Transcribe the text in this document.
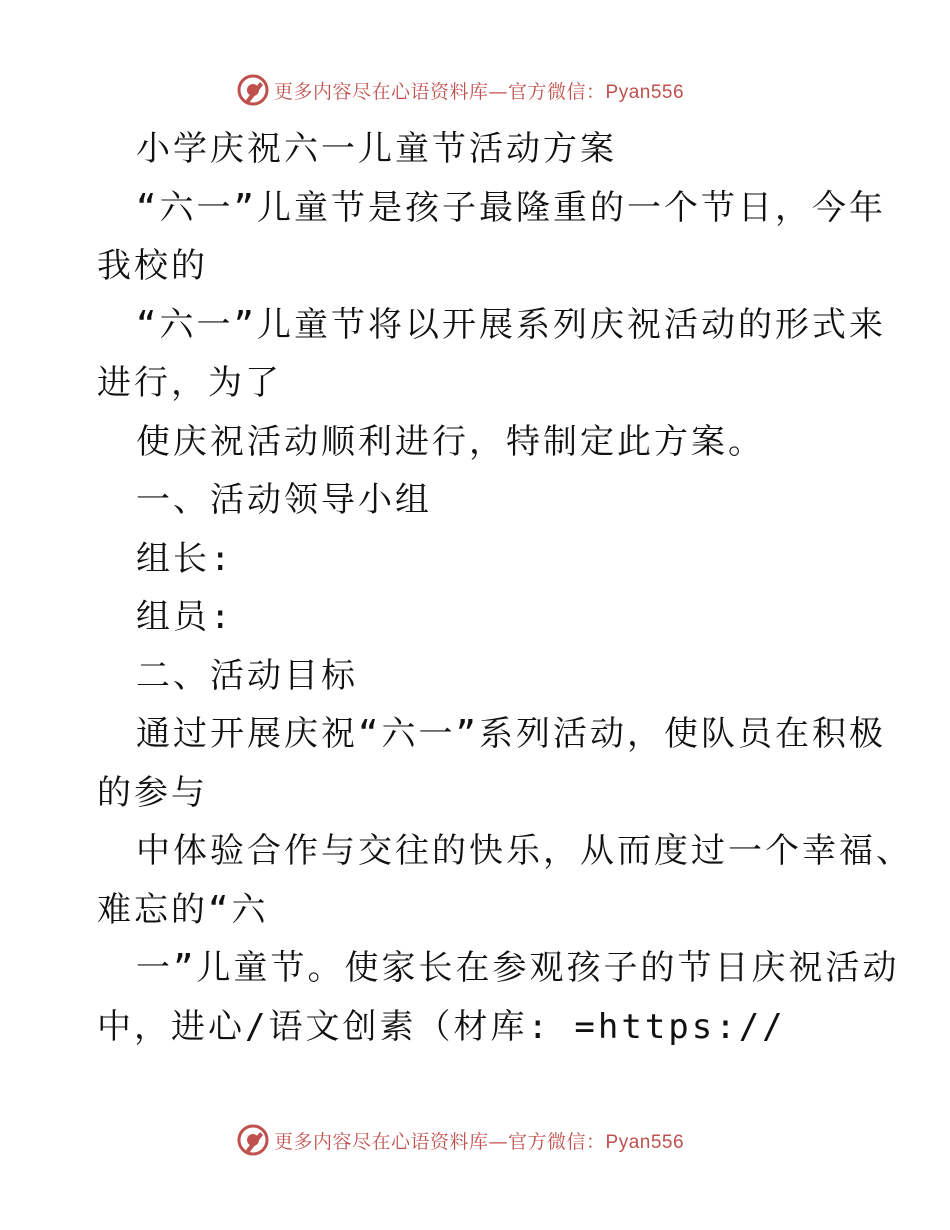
更多内容尽在心语资料库—官方微信：Pyan556
小学庆祝六一儿童节活动方案
“六一”儿童节是孩子最隆重的一个节日，今年
我校的
“六一”儿童节将以开展系列庆祝活动的形式来
进行，为了
使庆祝活动顺利进行，特制定此方案。
一、活动领导小组
组长:
组员:
二、活动目标
通过开展庆祝“六一”系列活动，使队员在积极
的参与
中体验合作与交往的快乐，从而度过一个幸福、
难忘的“六
一”儿童节。使家长在参观孩子的节日庆祝活动
中，进心/语文创素（材库: =https://
更多内容尽在心语资料库—官方微信：Pyan556
